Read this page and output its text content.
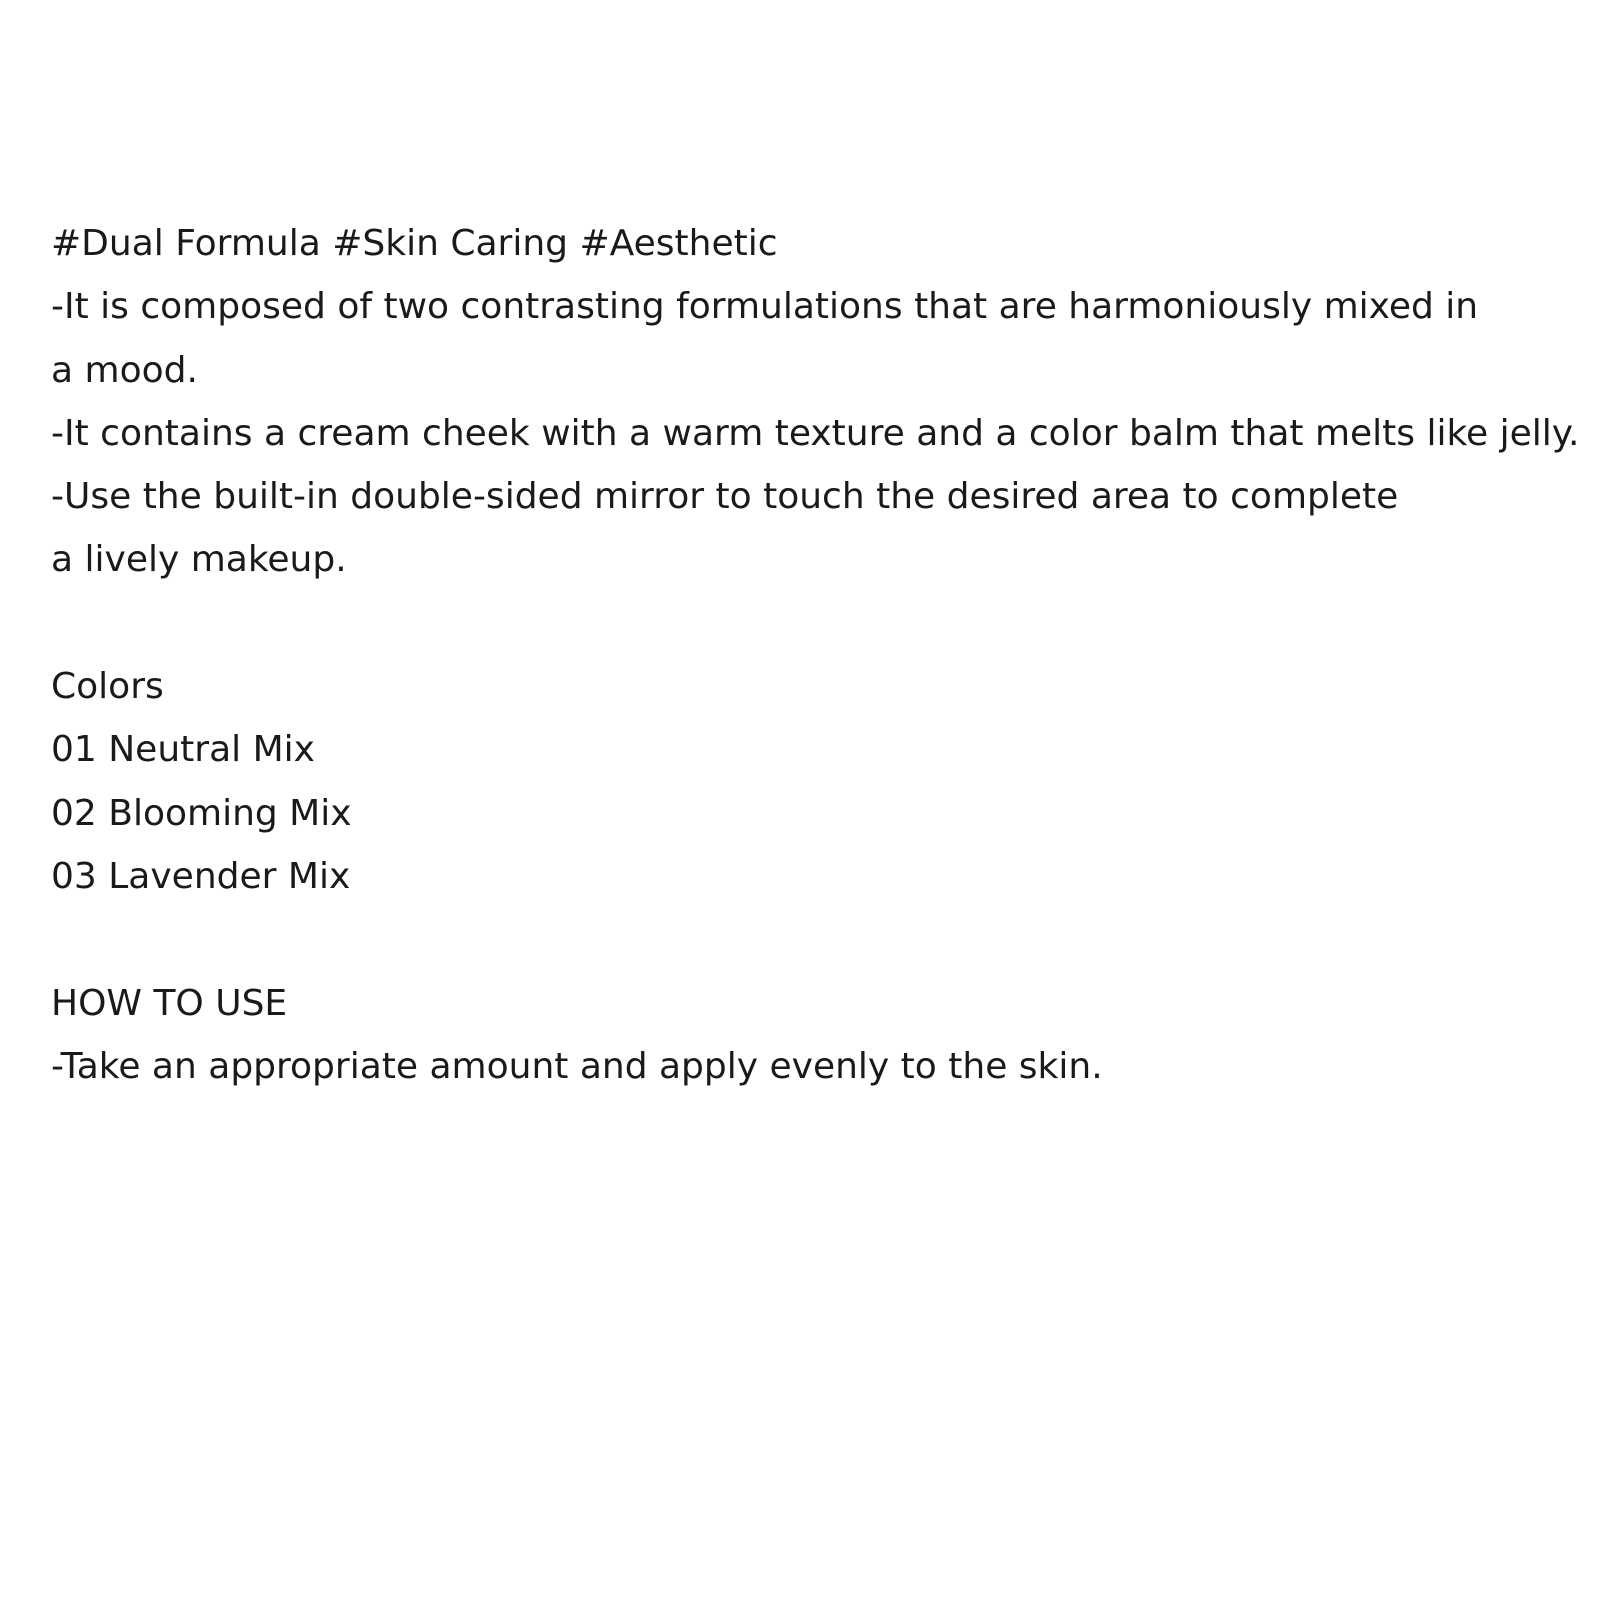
#Dual Formula #Skin Caring #Aesthetic
-It is composed of two contrasting formulations that are harmoniously mixed in
a mood.
-It contains a cream cheek with a warm texture and a color balm that melts like jelly.
-Use the built-in double-sided mirror to touch the desired area to complete
a lively makeup.
Colors
01 Neutral Mix
02 Blooming Mix
03 Lavender Mix
HOW TO USE
-Take an appropriate amount and apply evenly to the skin.
